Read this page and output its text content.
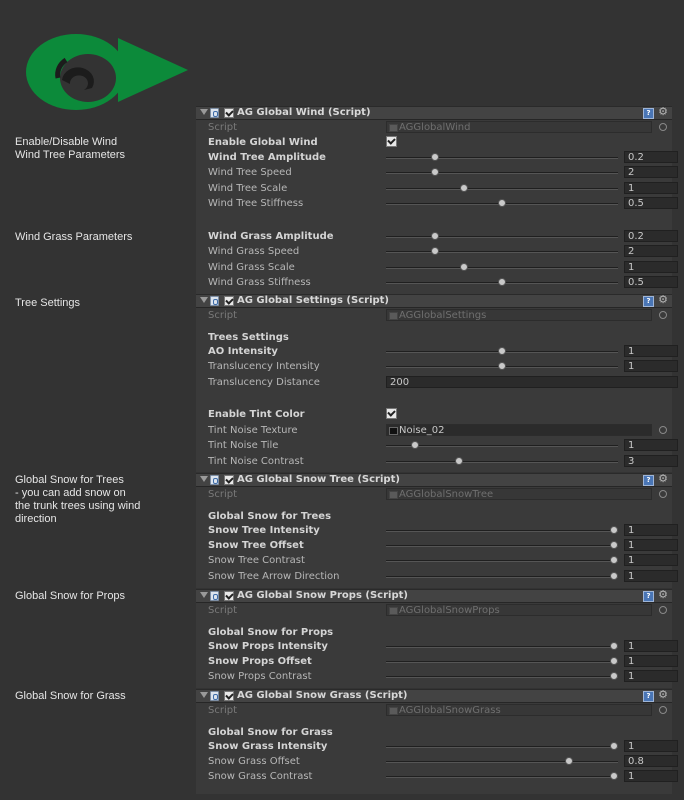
Enable/Disable Wind
Wind Tree Parameters
Wind Grass Parameters
Tree Settings
Global Snow for Trees
- you can add snow on
the trunk trees using wind
direction
Global Snow for Props
Global Snow for Grass
AG Global Wind (Script)	? ⚙
Script	AGGlobalWind
Enable Global Wind
Wind Tree Amplitude	0.2
Wind Tree Speed	2
Wind Tree Scale	1
Wind Tree Stiffness	0.5
Wind Grass Amplitude	0.2
Wind Grass Speed	2
Wind Grass Scale	1
Wind Grass Stiffness	0.5
AG Global Settings (Script)	? ⚙
Script	AGGlobalSettings
Trees Settings
AO Intensity	1
Translucency Intensity	1
Translucency Distance	200
Enable Tint Color
Tint Noise Texture	Noise_02
Tint Noise Tile	1
Tint Noise Contrast	3
AG Global Snow Tree (Script)	? ⚙
Script	AGGlobalSnowTree
Global Snow for Trees
Snow Tree Intensity	1
Snow Tree Offset	1
Snow Tree Contrast	1
Snow Tree Arrow Direction	1
AG Global Snow Props (Script)	? ⚙
Script	AGGlobalSnowProps
Global Snow for Props
Snow Props Intensity	1
Snow Props Offset	1
Snow Props Contrast	1
AG Global Snow Grass (Script)	? ⚙
Script	AGGlobalSnowGrass
Global Snow for Grass
Snow Grass Intensity	1
Snow Grass Offset	0.8
Snow Grass Contrast	1
